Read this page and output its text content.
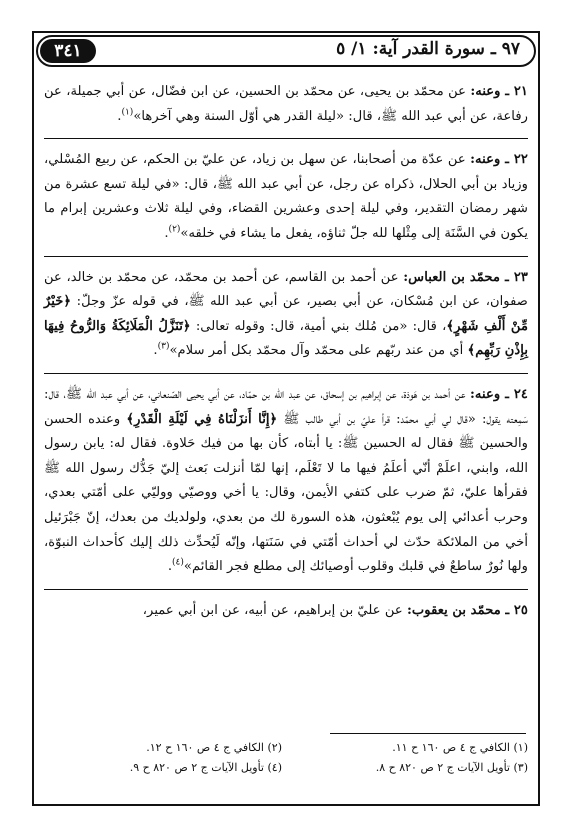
٩٧ ـ سورة القدر آية: ١/ ٥
٣٤١

٢١ ـ وعنه: عن محمّد بن يحيى، عن محمّد بن الحسين، عن ابن فضّال، عن أبي جميلة، عن رفاعة، عن أبي عبد الله ﷺ، قال: «ليلة القدر هي أوّل السنة وهي آخرها»$^{(١)}$.

٢٢ ـ وعنه: عن عدّة من أصحابنا، عن سهل بن زياد، عن عليّ بن الحكم، عن ربيع المُسْلي، وزياد بن أبي الحلال، ذكراه عن رجل، عن أبي عبد الله ﷺ، قال: «في ليلة تسع عشرة من شهر رمضان التقدير، وفي ليلة إحدى وعشرين القضاء، وفي ليلة ثلاث وعشرين إبرام ما يكون في السَّنَة إلى مِثْلها لله جلّ ثناؤه، يفعل ما يشاء في خلقه»$^{(٢)}$.

٢٣ ـ محمّد بن العباس: عن أحمد بن القاسم، عن أحمد بن محمّد، عن محمّد بن خالد، عن صفوان، عن ابن مُسْكان، عن أبي بصير، عن أبي عبد الله ﷺ، في قوله عزّ وجلّ: ﴿خَيْرٌ مِّنْ أَلْفِ شَهْرٍ﴾، قال: «من مُلك بني أمية، قال: وقوله تعالى: ﴿تَنَزَّلُ الْمَلَائِكَةُ وَالرُّوحُ فِيهَا بِإِذْنِ رَبِّهِم﴾ أي من عند ربّهم على محمّد وآل محمّد بكل أمر سلام»$^{(٣)}$.

٢٤ ـ وعنه: عن أحمد بن هَوذة، عن إبراهيم بن إسحاق، عن عبد الله بن حمّاد، عن أبي يحيى الصّنعاني، عن أبي عبد الله ﷺ، قال: سَمِعته يقول: «قال لي أبي محمّد: قرأ عليّ بن أبي طالب ﷺ ﴿إِنَّا أَنزَلْنَاهُ فِي لَيْلَةِ الْقَدْرِ﴾ وعنده الحسن والحسين ﷺ فقال له الحسين ﷺ: يا أبتاه، كأن بها من فيك حَلاوة. فقال له: يابن رسول الله، وابني، اعلَمْ أنّي أعلَمُ فيها ما لا تَعْلَم، إنها لمّا أنزلت بَعث إليّ جَدُّك رسول الله ﷺ فقرأها عليّ، ثمّ ضرب على كتفي الأيمن، وقال: يا أخي ووصيّي ووليّي على أمّتي بعدي، وحرب أعدائي إلى يوم يُبْعثون، هذه السورة لك من بعدي، ولولديك من بعدك، إنّ جَبْرَئيل أخي من الملائكة حدّث لي أحداث أمّتي في سَنَتها، وإنّه لَيُحدِّث ذلك إليك كأحداث النبوّة، ولها نُورٌ ساطعٌ في قلبك وقلوب أوصيائك إلى مطلع فجر القائم»$^{(٤)}$.

٢٥ ـ محمّد بن يعقوب: عن عليّ بن إبراهيم، عن أبيه، عن ابن أبي عمير،

(١) الكافي ج ٤ ص ١٦٠ ح ١١.
(٢) الكافي ج ٤ ص ١٦٠ ح ١٢.
(٣) تأويل الآيات ج ٢ ص ٨٢٠ ح ٨.
(٤) تأويل الآيات ج ٢ ص ٨٢٠ ح ٩.
